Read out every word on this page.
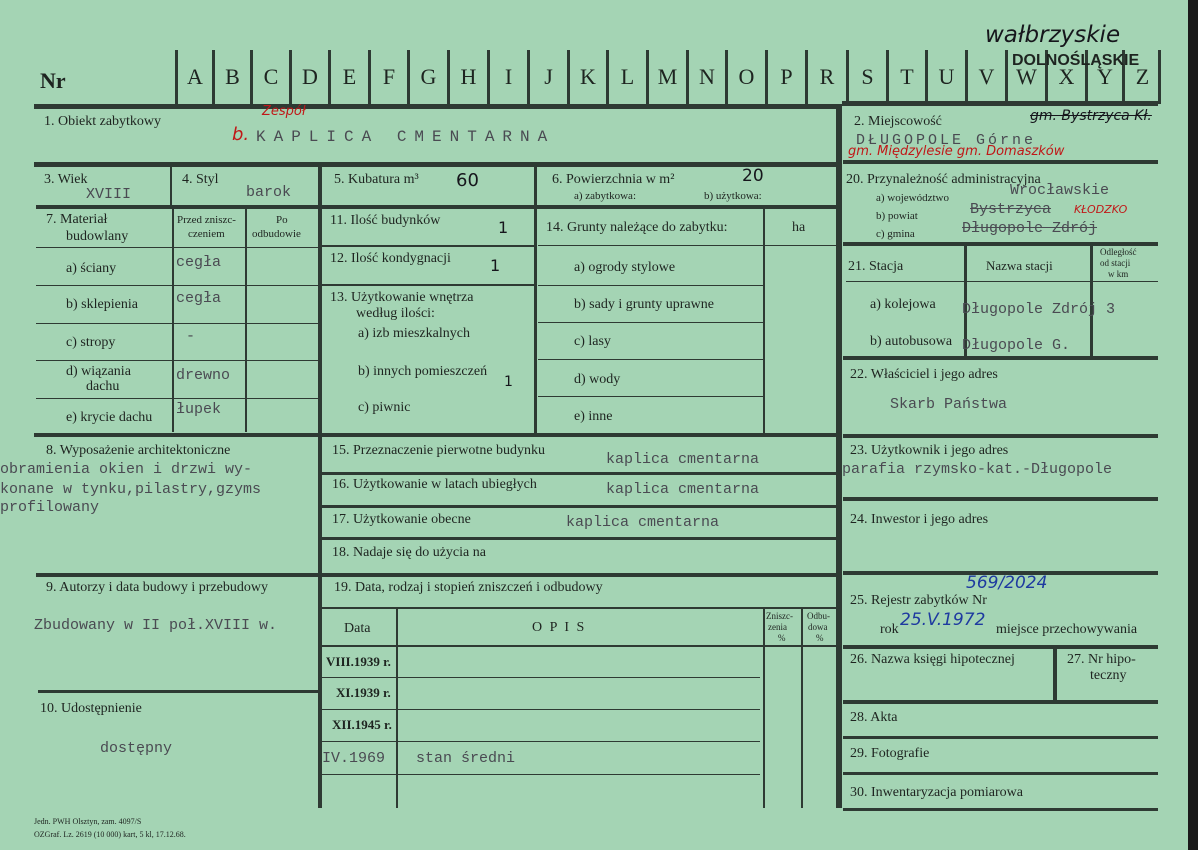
Nr	A	B	C	D	E	F	G	H	I	J	K	L	M N	O	P	R	S	T	U	V W X	Y	Z
wałbrzyskie
DOLNOŚLĄSKIE
1. Obiekt zabytkowy
Zespół
b. KAPLICA CMENTARNA
2. Miejscowość	gm. Bystrzyca Kł.
DŁUGOPOLE Górne
gm. Międzylesie gm. Domaszków
3. Wiek
XVIII
4. Styl
barok
5. Kubatura m³ 60	6. Powierzchnia w m²	20
a) zabytkowa:	b) użytkowa:
7. Materiał
budowlany
Przed zniszc-
czeniem
Po
odbudowie
a) ściany	cegła
b) sklepienia	cegła
c) stropy	-
d) wiązania
dachu
drewno
e) krycie dachu łupek
8. Wyposażenie architektoniczne
obramienia okien i drzwi wy-
konane w tynku,pilastry,gzyms
profilowany
9. Autorzy i data budowy i przebudowy
Zbudowany w II poł.XVIII w.
10. Udostępnienie
dostępny
11. Ilość budynków	1
12. Ilość kondygnacji 1
13. Użytkowanie wnętrza
według ilości:
a) izb mieszkalnych
b) innych pomieszczeń
1
c) piwnic
14. Grunty należące do zabytku:	ha
a) ogrody stylowe
b) sady i grunty uprawne
c) lasy
d) wody
e) inne
15. Przeznaczenie pierwotne budynku
kaplica cmentarna
16. Użytkowanie w latach ubiegłych	kaplica cmentarna
17. Użytkowanie obecne	kaplica cmentarna
18. Nadaje się do użycia na
19. Data, rodzaj i stopień zniszczeń i odbudowy
Data	O P I S
Zniszc-
zenia
%
Odbu-
dowa
%
VIII.1939 r.
XI.1939 r.
XII.1945 r.
IV.1969 stan średni
20. Przynależność administracyjna
a) województwo	Wrocławskie
b) powiat	Bystrzyca KŁODZKO
c) gmina	Długopole Zdrój
21. Stacja	Nazwa stacji
Odległość
od stacji
w km
a) kolejowa Długopole Zdrój 3
b) autobusowa Długopole G.
22. Właściciel i jego adres
Skarb Państwa
23. Użytkownik i jego adres
parafia rzymsko-kat.-Długopole
24. Inwestor i jego adres
569/2024
25. Rejestr zabytków Nr
rok 25.V.1972 miejsce przechowywania
26. Nazwa księgi hipotecznej	27. Nr hipo-
teczny
28. Akta
29. Fotografie
30. Inwentaryzacja pomiarowa
Jedn. PWH Olsztyn, zam. 4097/S
OZGraf. Lz. 2619 (10 000) kart, 5 kl, 17.12.68.
